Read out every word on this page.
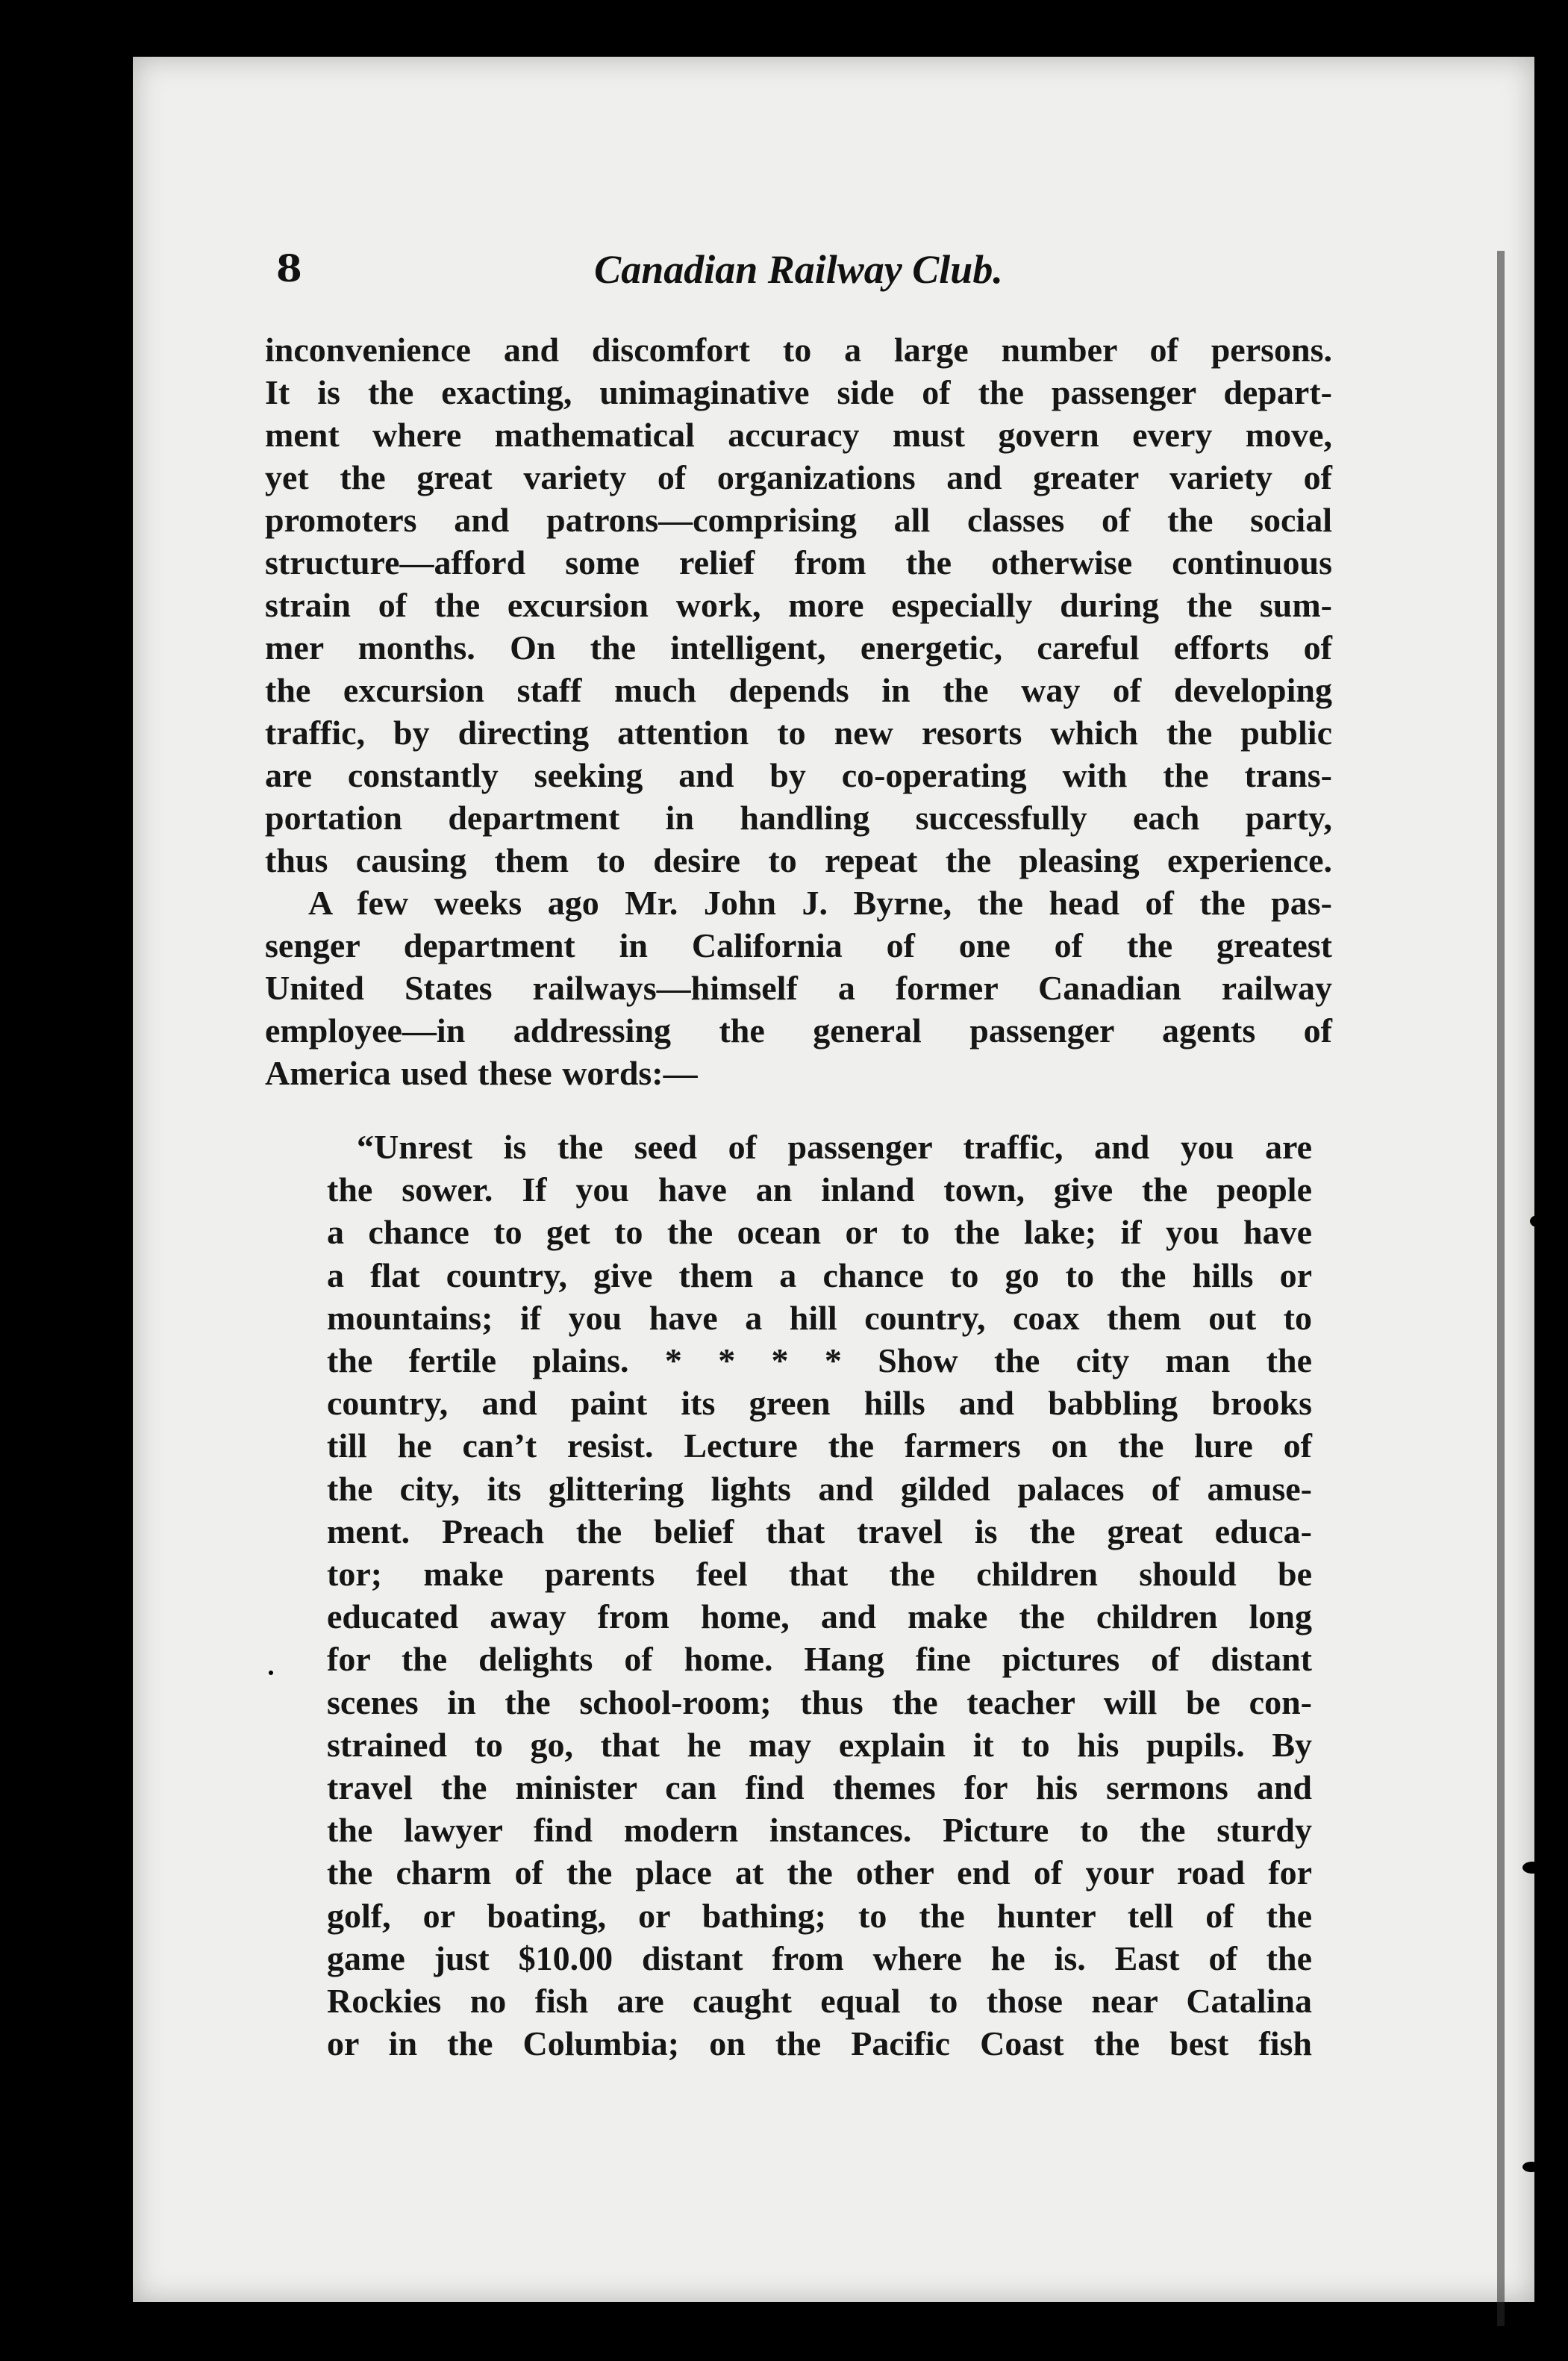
8	Canadian Railway Club.
inconvenience and discomfort to a large number of persons.
It is the exacting, unimaginative side of the passenger depart-
ment where mathematical accuracy must govern every move,
yet the great variety of organizations and greater variety of
promoters and patrons—comprising all classes of the social
structure—afford some relief from the otherwise continuous
strain of the excursion work, more especially during the sum-
mer months. On the intelligent, energetic, careful efforts of
the excursion staff much depends in the way of developing
traffic, by directing attention to new resorts which the public
are constantly seeking and by co-operating with the trans-
portation department in handling successfully each party,
thus causing them to desire to repeat the pleasing experience.
A few weeks ago Mr. John J. Byrne, the head of the pas-
senger department in California of one of the greatest
United States railways—himself a former Canadian railway
employee—in addressing the general passenger agents of
America used these words:—
“Unrest is the seed of passenger traffic, and you are
the sower. If you have an inland town, give the people
a chance to get to the ocean or to the lake; if you have
a flat country, give them a chance to go to the hills or
mountains; if you have a hill country, coax them out to
the fertile plains. * * * * Show the city man the
country, and paint its green hills and babbling brooks
till he can’t resist. Lecture the farmers on the lure of
the city, its glittering lights and gilded palaces of amuse-
ment. Preach the belief that travel is the great educa-
tor; make parents feel that the children should be
educated away from home, and make the children long
for the delights of home. Hang fine pictures of distant
scenes in the school-room; thus the teacher will be con-
strained to go, that he may explain it to his pupils. By
travel the minister can find themes for his sermons and
the lawyer find modern instances. Picture to the sturdy
the charm of the place at the other end of your road for
golf, or boating, or bathing; to the hunter tell of the
game just $10.00 distant from where he is. East of the
Rockies no fish are caught equal to those near Catalina
or in the Columbia; on the Pacific Coast the best fish
